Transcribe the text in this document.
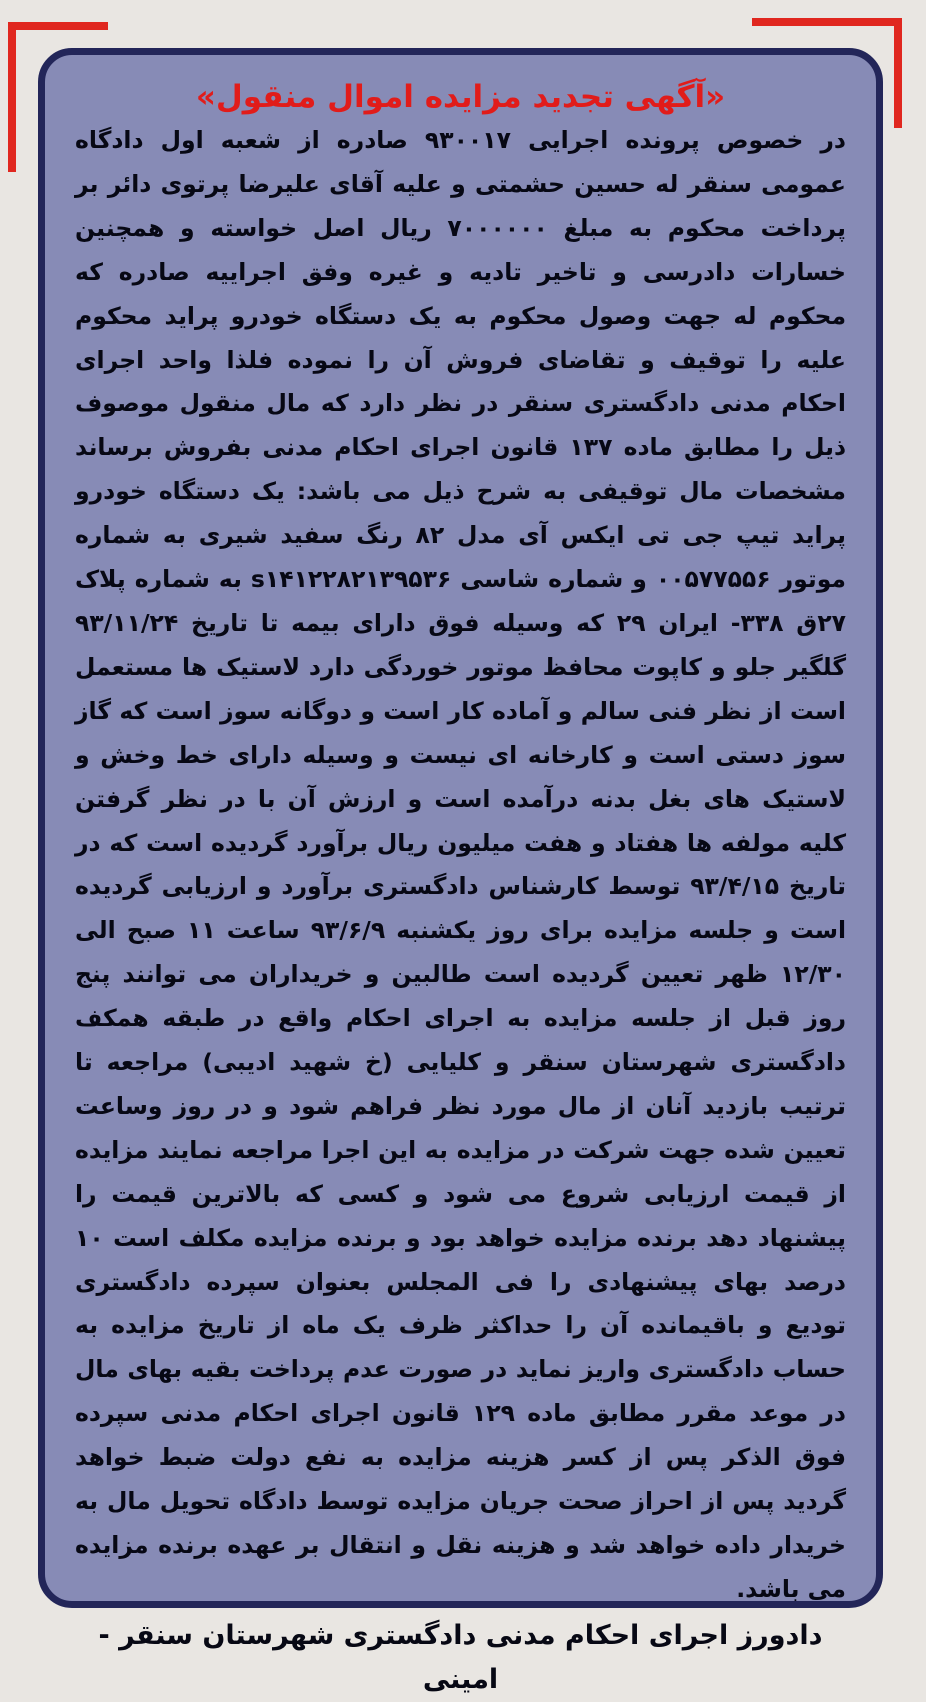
«آگهی تجدید مزایده اموال منقول»
در خصوص پرونده اجرایی ۹۳۰۰۱۷ صادره از شعبه اول دادگاه عمومی سنقر له حسین حشمتی و علیه آقای علیرضا پرتوی دائر بر پرداخت محکوم به مبلغ ۷۰۰۰۰۰۰ ریال اصل خواسته و همچنین خسارات دادرسی و تاخیر تادیه و غیره وفق اجراییه صادره که محکوم له جهت وصول محکوم به یک دستگاه خودرو پراید محکوم علیه را توقیف و تقاضای فروش آن را نموده فلذا واحد اجرای احکام مدنی دادگستری سنقر در نظر دارد که مال منقول موصوف ذیل را مطابق ماده ۱۳۷ قانون اجرای احکام مدنی بفروش برساند مشخصات مال توقیفی به شرح ذیل می باشد: یک دستگاه خودرو پراید تیپ جی تی ایکس آی مدل ۸۲ رنگ سفید شیری به شماره موتور ۰۰۵۷۷۵۵۶ و شماره شاسی s۱۴۱۲۲۸۲۱۳۹۵۳۶ به شماره پلاک ۲۷ق ۳۳۸- ایران ۲۹ که وسیله فوق دارای بیمه تا تاریخ ۹۳/۱۱/۲۴ گلگیر جلو و کاپوت محافظ موتور خوردگی دارد لاستیک ها مستعمل است از نظر فنی سالم و آماده کار است و دوگانه سوز است که گاز سوز دستی است و کارخانه ای نیست و وسیله دارای خط وخش و لاستیک های بغل بدنه درآمده است و ارزش آن با در نظر گرفتن کلیه مولفه ها هفتاد و هفت میلیون ریال برآورد گردیده است که در تاریخ ۹۳/۴/۱۵ توسط کارشناس دادگستری برآورد و ارزیابی گردیده است و جلسه مزایده برای روز یکشنبه ۹۳/۶/۹ ساعت ۱۱ صبح الی ۱۲/۳۰ ظهر تعیین گردیده است طالبین و خریداران می توانند پنج روز قبل از جلسه مزایده به اجرای احکام واقع در طبقه همکف دادگستری شهرستان سنقر و کلیایی (خ شهید ادیبی) مراجعه تا ترتیب بازدید آنان از مال مورد نظر فراهم شود و در روز وساعت تعیین شده جهت شرکت در مزایده به این اجرا مراجعه نمایند مزایده از قیمت ارزیابی شروع می شود و کسی که بالاترین قیمت را پیشنهاد دهد برنده مزایده خواهد بود و برنده مزایده مکلف است ۱۰ درصد بهای پیشنهادی را فی المجلس بعنوان سپرده دادگستری تودیع و باقیمانده آن را حداکثر ظرف یک ماه از تاریخ مزایده به حساب دادگستری واریز نماید در صورت عدم پرداخت بقیه بهای مال در موعد مقرر مطابق ماده ۱۲۹ قانون اجرای احکام مدنی سپرده فوق الذکر پس از کسر هزینه مزایده به نفع دولت ضبط خواهد گردید پس از احراز صحت جریان مزایده توسط دادگاه تحویل مال به خریدار داده خواهد شد و هزینه نقل و انتقال بر عهده برنده مزایده می باشد.
دادورز اجرای احکام مدنی دادگستری شهرستان سنقر - امینی
